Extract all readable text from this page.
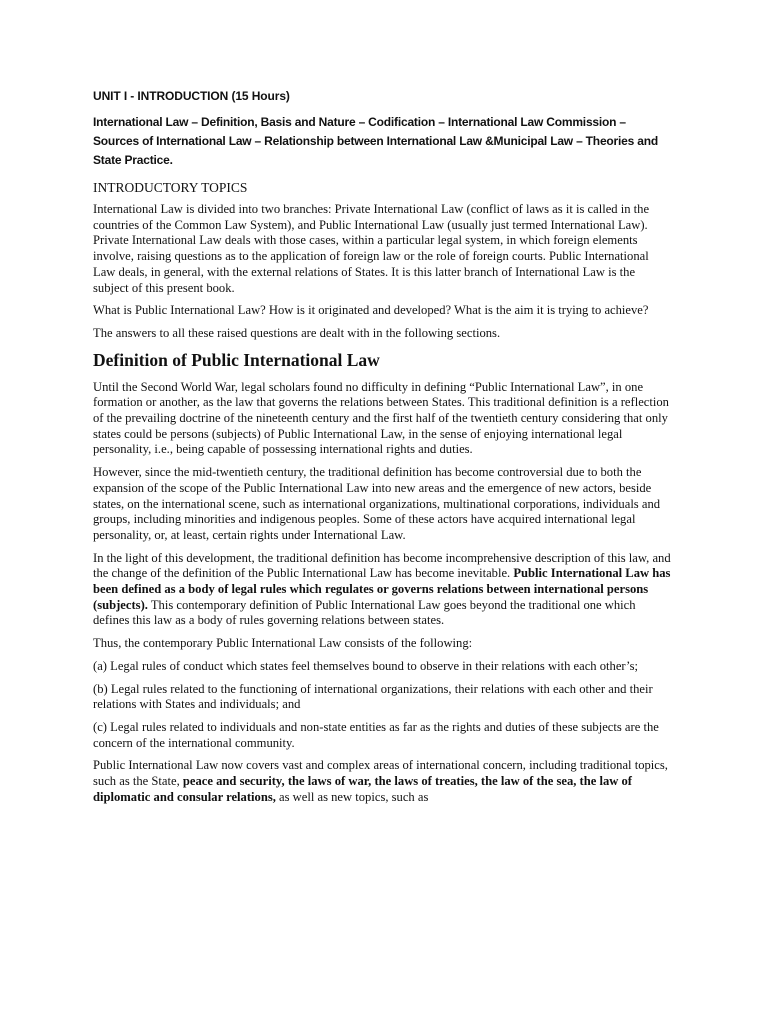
UNIT I - INTRODUCTION (15 Hours)
International Law – Definition, Basis and Nature – Codification – International Law Commission – Sources of International Law – Relationship between International Law &Municipal Law – Theories and State Practice.
INTRODUCTORY TOPICS

International Law is divided into two branches: Private International Law (conflict of laws as it is called in the countries of the Common Law System), and Public International Law (usually just termed International Law). Private International Law deals with those cases, within a particular legal system, in which foreign elements involve, raising questions as to the application of foreign law or the role of foreign courts. Public International Law deals, in general, with the external relations of States. It is this latter branch of International Law is the subject of this present book.

What is Public International Law? How is it originated and developed? What is the aim it is trying to achieve?

The answers to all these raised questions are dealt with in the following sections.

Definition of Public International Law

Until the Second World War, legal scholars found no difficulty in defining “Public International Law”, in one formation or another, as the law that governs the relations between States. This traditional definition is a reflection of the prevailing doctrine of the nineteenth century and the first half of the twentieth century considering that only states could be persons (subjects) of Public International Law, in the sense of enjoying international legal personality, i.e., being capable of possessing international rights and duties.

However, since the mid-twentieth century, the traditional definition has become controversial due to both the expansion of the scope of the Public International Law into new areas and the emergence of new actors, beside states, on the international scene, such as international organizations, multinational corporations, individuals and groups, including minorities and indigenous peoples. Some of these actors have acquired international legal personality, or, at least, certain rights under International Law.

In the light of this development, the traditional definition has become incomprehensive description of this law, and the change of the definition of the Public International Law has become inevitable. Public International Law has been defined as a body of legal rules which regulates or governs relations between international persons (subjects). This contemporary definition of Public International Law goes beyond the traditional one which defines this law as a body of rules governing relations between states.

Thus, the contemporary Public International Law consists of the following:

(a) Legal rules of conduct which states feel themselves bound to observe in their relations with each other’s;

(b) Legal rules related to the functioning of international organizations, their relations with each other and their relations with States and individuals; and

(c) Legal rules related to individuals and non-state entities as far as the rights and duties of these subjects are the concern of the international community.

Public International Law now covers vast and complex areas of international concern, including traditional topics, such as the State, peace and security, the laws of war, the laws of treaties, the law of the sea, the law of diplomatic and consular relations, as well as new topics, such as
